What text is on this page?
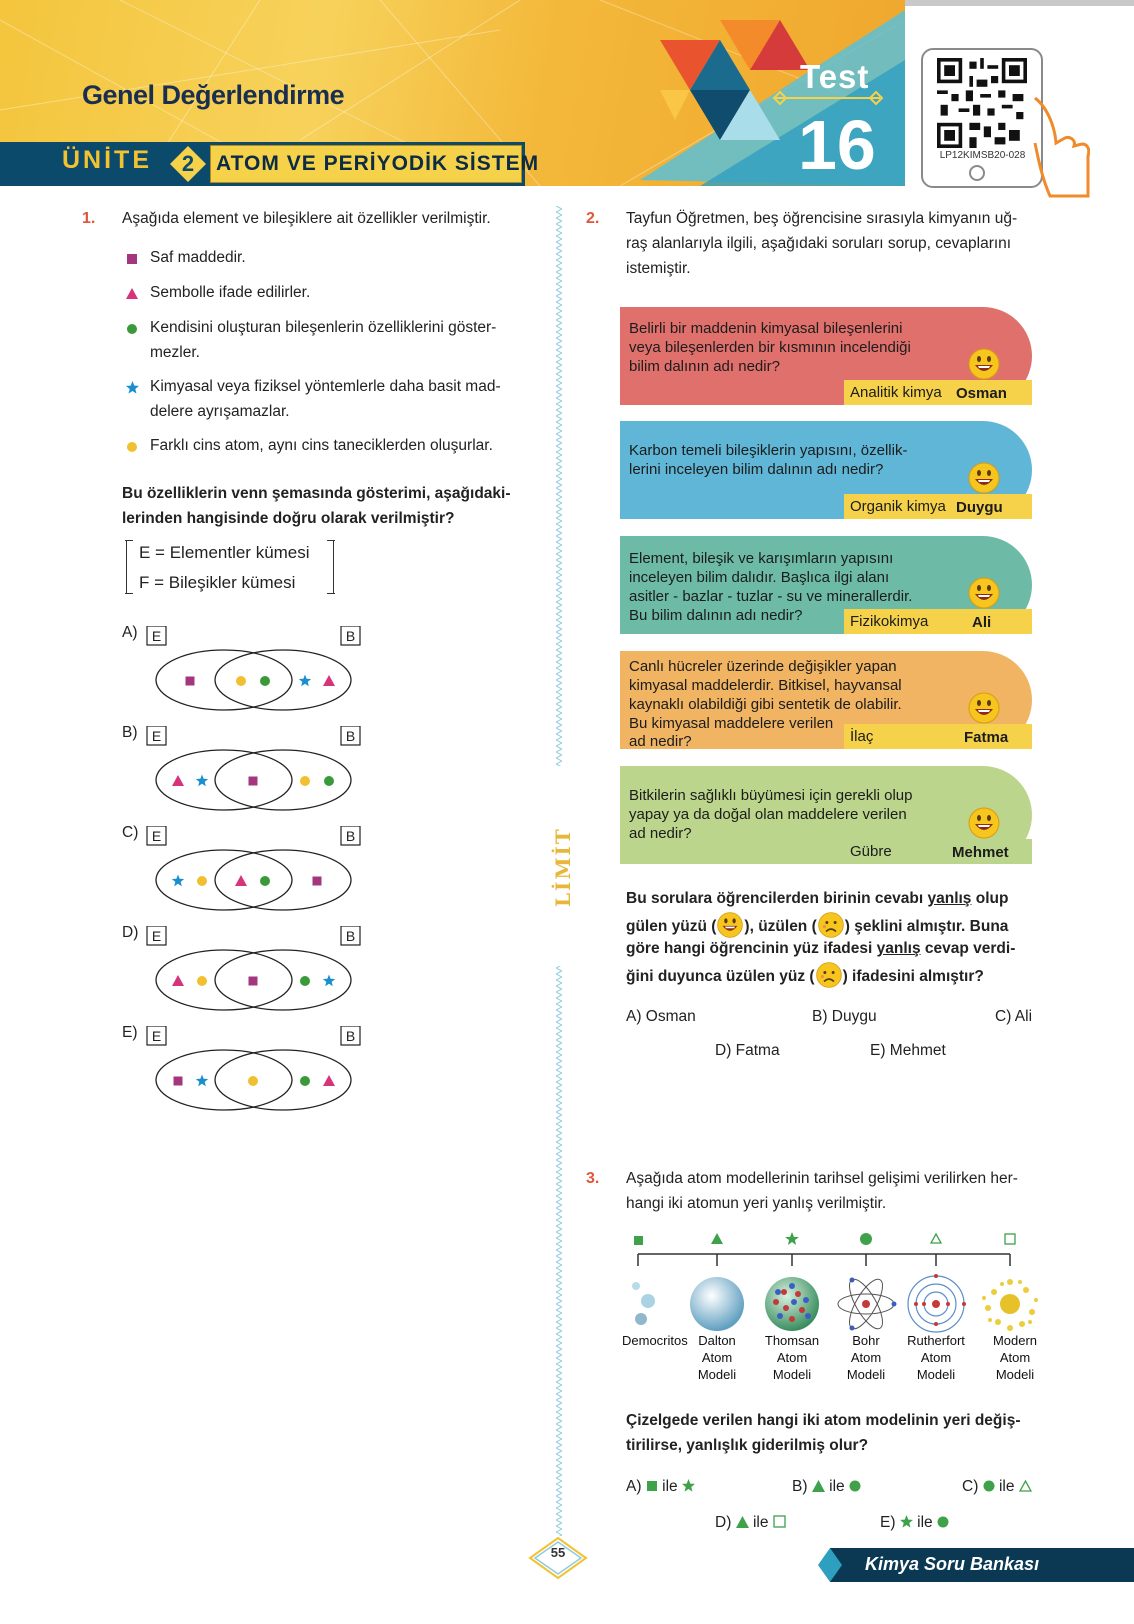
Genel Değerlendirme
ÜNİTE	2	ATOM VE PERİYODİK SİSTEM
Test
16	LP12KIMSB20-028
LİMİT
1. Aşağıda element ve bileşiklere ait özellikler verilmiştir.
Saf maddedir.
Sembolle ifade edilirler.
Kendisini oluşturan bileşenlerin özelliklerini göster-
mezler.
Kimyasal veya fiziksel yöntemlerle daha basit mad-
delere ayrışamazlar.
Farklı cins atom, aynı cins taneciklerden oluşurlar.
Bu özelliklerin venn şemasında gösterimi, aşağıdaki-
lerinden hangisinde doğru olarak verilmiştir?
E = Elementler kümesi
F = Bileşikler kümesi
A) E	B
B) E	B
C) E	B
D) E	B
E) E	B
2. Tayfun Öğretmen, beş öğrencisine sırasıyla kimyanın uğ-
raş alanlarıyla ilgili, aşağıdaki soruları sorup, cevaplarını
istemiştir.
Belirli bir maddenin kimyasal bileşenlerini
veya bileşenlerden bir kısmının incelendiği
bilim dalının adı nedir?
Analitik kimya Osman
Karbon temeli bileşiklerin yapısını, özellik-
lerini inceleyen bilim dalının adı nedir?
Organik kimya Duygu
Element, bileşik ve karışımların yapısını
inceleyen bilim dalıdır. Başlıca ilgi alanı
asitler - bazlar - tuzlar - su ve minerallerdir.
Bu bilim dalının adı nedir?	Fizikokimya	Ali
Canlı hücreler üzerinde değişikler yapan
kimyasal maddelerdir. Bitkisel, hayvansal
kaynaklı olabildiği gibi sentetik de olabilir.
Bu kimyasal maddelere verilen
ad nedir?	İlaç	Fatma
Bitkilerin sağlıklı büyümesi için gerekli olup
yapay ya da doğal olan maddelere verilen
ad nedir?
Gübre	Mehmet
Bu sorulara öğrencilerden birinin cevabı yanlış olup
gülen yüzü ( ), üzülen ( ) şeklini almıştır. Buna
göre hangi öğrencinin yüz ifadesi yanlış cevap verdi-
ğini duyunca üzülen yüz ( ) ifadesini almıştır?
A) Osman	B) Duygu	C) Ali
D) Fatma	E) Mehmet
3. Aşağıda atom modellerinin tarihsel gelişimi verilirken her-
hangi iki atomun yeri yanlış verilmiştir.
Democritos Dalton
Atom
Modeli
Thomsan
Atom
Modeli
Bohr
Atom
Modeli
Rutherfort
Atom
Modeli
Modern
Atom
Modeli
Çizelgede verilen hangi iki atom modelinin yeri değiş-
tirilirse, yanlışlık giderilmiş olur?
A) ile	B) ile	C) ile
D) ile	E) ile
55
Kimya Soru Bankası
